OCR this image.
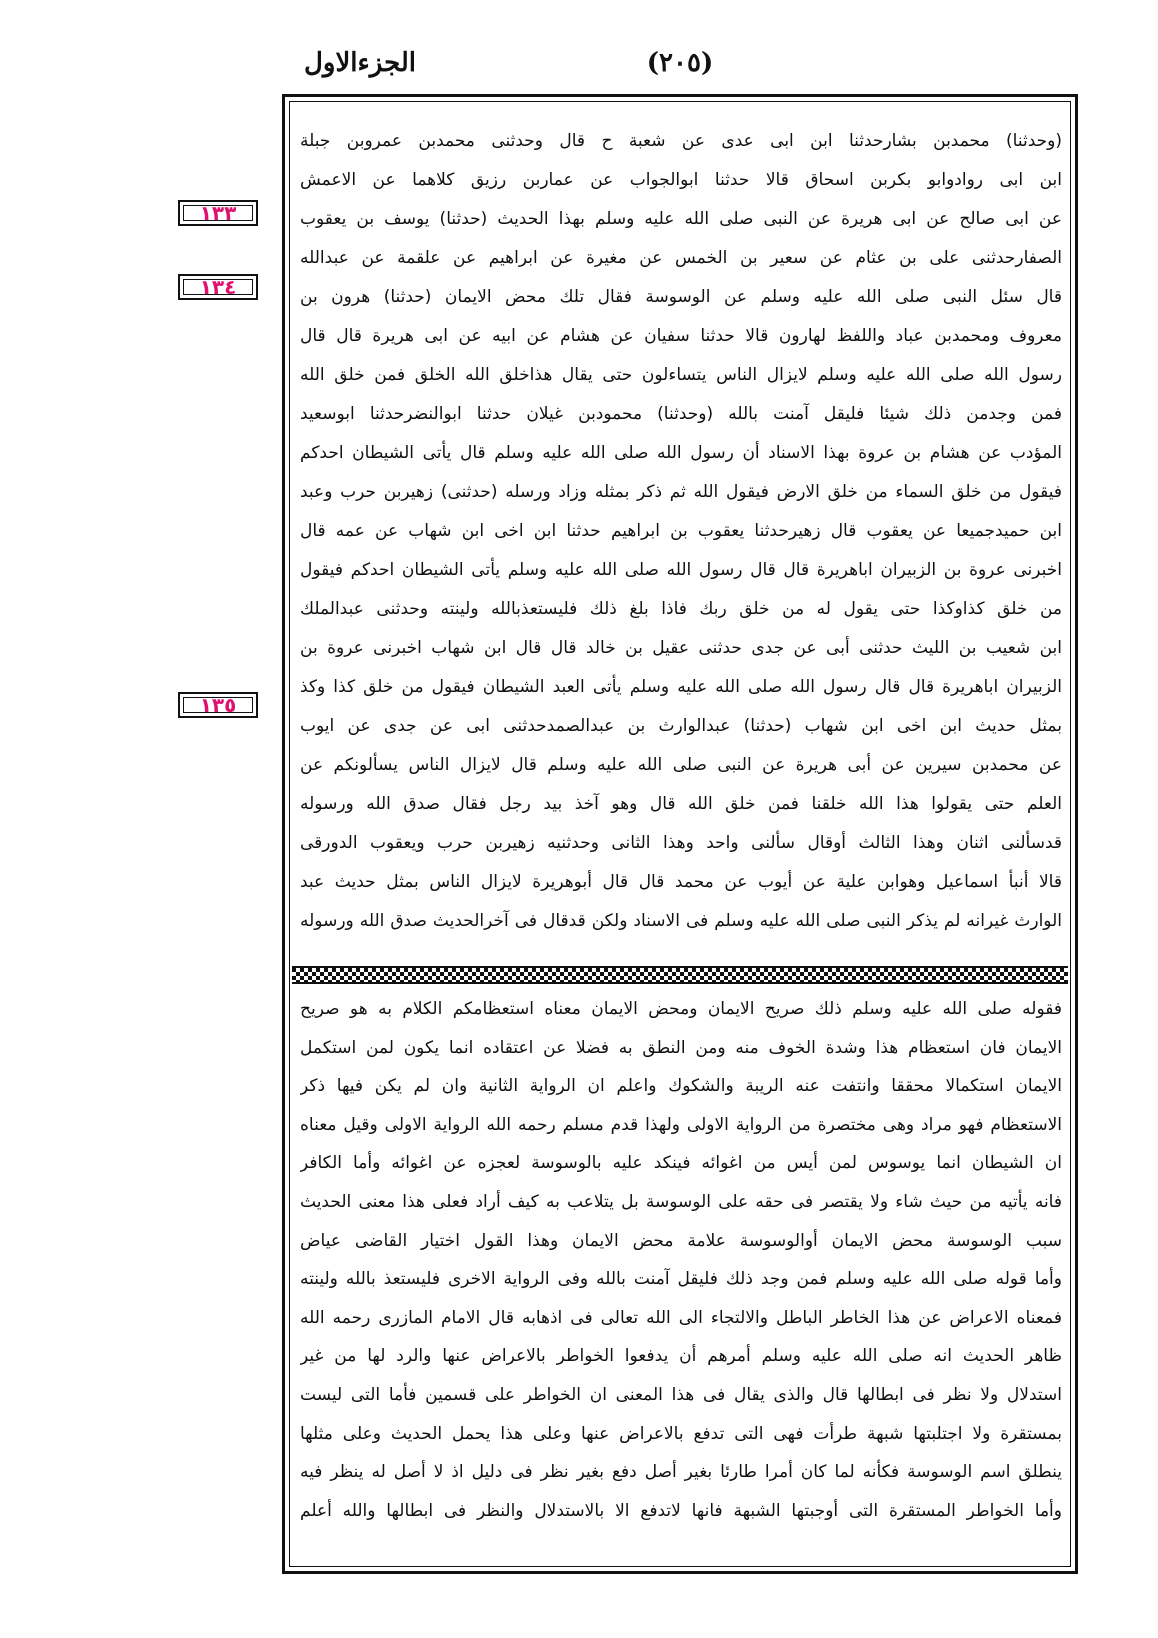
الجزءالاول	(٢٠٥)
(وحدثنا) محمدبن بشارحدثنا ابن ابى عدى عن شعبة ح قال وحدثنى محمدبن عمروبن جبلة
ابن ابى روادوابو بكربن اسحاق قالا حدثنا ابوالجواب عن عماربن رزيق كلاهما عن الاعمش
عن ابى صالح عن ابى هريرة عن النبى صلى الله عليه وسلم بهذا الحديث (حدثنا) يوسف بن يعقوب
الصفارحدثنى على بن عثام عن سعير بن الخمس عن مغيرة عن ابراهيم عن علقمة عن عبدالله
قال سئل النبى صلى الله عليه وسلم عن الوسوسة فقال تلك محض الايمان (حدثنا) هرون بن
معروف ومحمدبن عباد واللفظ لهارون قالا حدثنا سفيان عن هشام عن ابيه عن ابى هريرة قال قال
رسول الله صلى الله عليه وسلم لايزال الناس يتساءلون حتى يقال هذاخلق الله الخلق فمن خلق الله
فمن وجدمن ذلك شيئا فليقل آمنت بالله (وحدثنا) محمودبن غيلان حدثنا ابوالنضرحدثنا ابوسعيد
المؤدب عن هشام بن عروة بهذا الاسناد أن رسول الله صلى الله عليه وسلم قال يأتى الشيطان احدكم
فيقول من خلق السماء من خلق الارض فيقول الله ثم ذكر بمثله وزاد ورسله (حدثنى) زهيربن حرب وعبد
ابن حميدجميعا عن يعقوب قال زهيرحدثنا يعقوب بن ابراهيم حدثنا ابن اخى ابن شهاب عن عمه قال
اخبرنى عروة بن الزبيران اباهريرة قال قال رسول الله صلى الله عليه وسلم يأتى الشيطان احدكم فيقول
من خلق كذاوكذا حتى يقول له من خلق ربك فاذا بلغ ذلك فليستعذبالله ولينته وحدثنى عبدالملك
ابن شعيب بن الليث حدثنى أبى عن جدى حدثنى عقيل بن خالد قال قال ابن شهاب اخبرنى عروة بن
الزبيران اباهريرة قال قال رسول الله صلى الله عليه وسلم يأتى العبد الشيطان فيقول من خلق كذا وكذ
بمثل حديث ابن اخى ابن شهاب (حدثنا) عبدالوارث بن عبدالصمدحدثنى ابى عن جدى عن ايوب
عن محمدبن سيرين عن أبى هريرة عن النبى صلى الله عليه وسلم قال لايزال الناس يسألونكم عن
العلم حتى يقولوا هذا الله خلقنا فمن خلق الله قال وهو آخذ بيد رجل فقال صدق الله ورسوله
قدسألنى اثنان وهذا الثالث أوقال سألنى واحد وهذا الثانى وحدثنيه زهيربن حرب ويعقوب الدورقى
قالا أنبأ اسماعيل وهوابن علية عن أيوب عن محمد قال قال أبوهريرة لايزال الناس بمثل حديث عبد
الوارث غيرانه لم يذكر النبى صلى الله عليه وسلم فى الاسناد ولكن قدقال فى آخرالحديث صدق الله ورسوله
فقوله صلى الله عليه وسلم ذلك صريح الايمان ومحض الايمان معناه استعظامكم الكلام به هو صريح
الايمان فان استعظام هذا وشدة الخوف منه ومن النطق به فضلا عن اعتقاده انما يكون لمن استكمل
الايمان استكمالا محققا وانتفت عنه الريبة والشكوك واعلم ان الرواية الثانية وان لم يكن فيها ذكر
الاستعظام فهو مراد وهى مختصرة من الرواية الاولى ولهذا قدم مسلم رحمه الله الرواية الاولى وقيل معناه
ان الشيطان انما يوسوس لمن أيس من اغوائه فينكد عليه بالوسوسة لعجزه عن اغوائه وأما الكافر
فانه يأتيه من حيث شاء ولا يقتصر فى حقه على الوسوسة بل يتلاعب به كيف أراد فعلى هذا معنى الحديث
سبب الوسوسة محض الايمان أوالوسوسة علامة محض الايمان وهذا القول اختيار القاضى عياض
وأما قوله صلى الله عليه وسلم فمن وجد ذلك فليقل آمنت بالله وفى الرواية الاخرى فليستعذ بالله ولينته
فمعناه الاعراض عن هذا الخاطر الباطل والالتجاء الى الله تعالى فى اذهابه قال الامام المازرى رحمه الله
ظاهر الحديث انه صلى الله عليه وسلم أمرهم أن يدفعوا الخواطر بالاعراض عنها والرد لها من غير
استدلال ولا نظر فى ابطالها قال والذى يقال فى هذا المعنى ان الخواطر على قسمين فأما التى ليست
بمستقرة ولا اجتلبتها شبهة طرأت فهى التى تدفع بالاعراض عنها وعلى هذا يحمل الحديث وعلى مثلها
ينطلق اسم الوسوسة فكأنه لما كان أمرا طارئا بغير أصل دفع بغير نظر فى دليل اذ لا أصل له ينظر فيه
وأما الخواطر المستقرة التى أوجبتها الشبهة فانها لاتدفع الا بالاستدلال والنظر فى ابطالها والله أعلم
١٣٣
١٣٤
١٣٥
